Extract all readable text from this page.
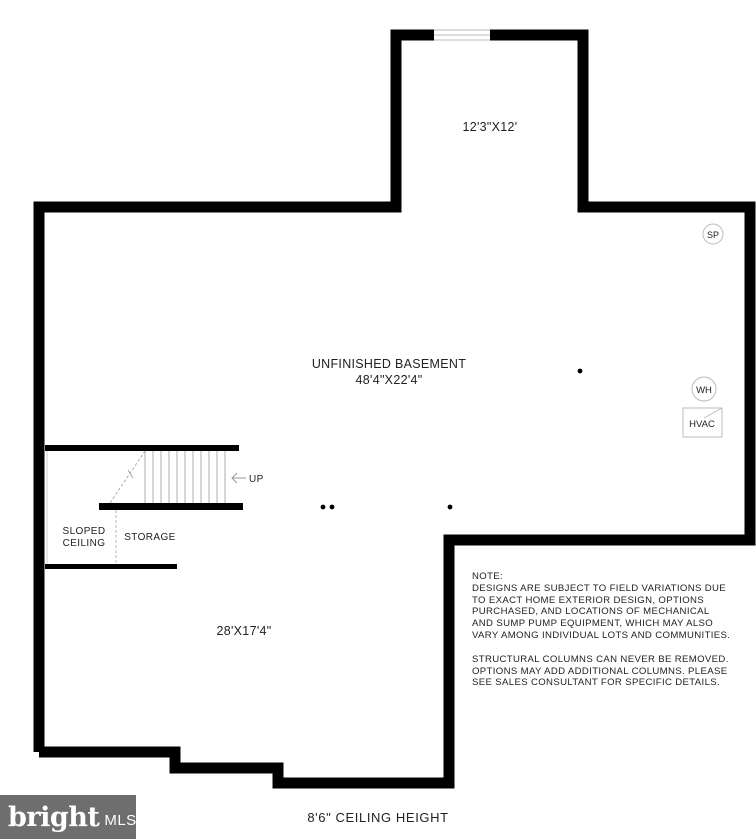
UP
12'3"X12'
UNFINISHED BASEMENT
48'4"X22'4"
28'X17'4"
SLOPED
CEILING
STORAGE
SP
WH
HVAC
NOTE:

DESIGNS ARE SUBJECT TO FIELD VARIATIONS DUE TO EXACT HOME EXTERIOR DESIGN, OPTIONS PURCHASED, AND LOCATIONS OF MECHANICAL AND SUMP PUMP EQUIPMENT, WHICH MAY ALSO VARY AMONG INDIVIDUAL LOTS AND COMMUNITIES.

STRUCTURAL COLUMNS CAN NEVER BE REMOVED. OPTIONS MAY ADD ADDITIONAL COLUMNS. PLEASE SEE SALES CONSULTANT FOR SPECIFIC DETAILS.

8'6" CEILING HEIGHT
bright MLS
